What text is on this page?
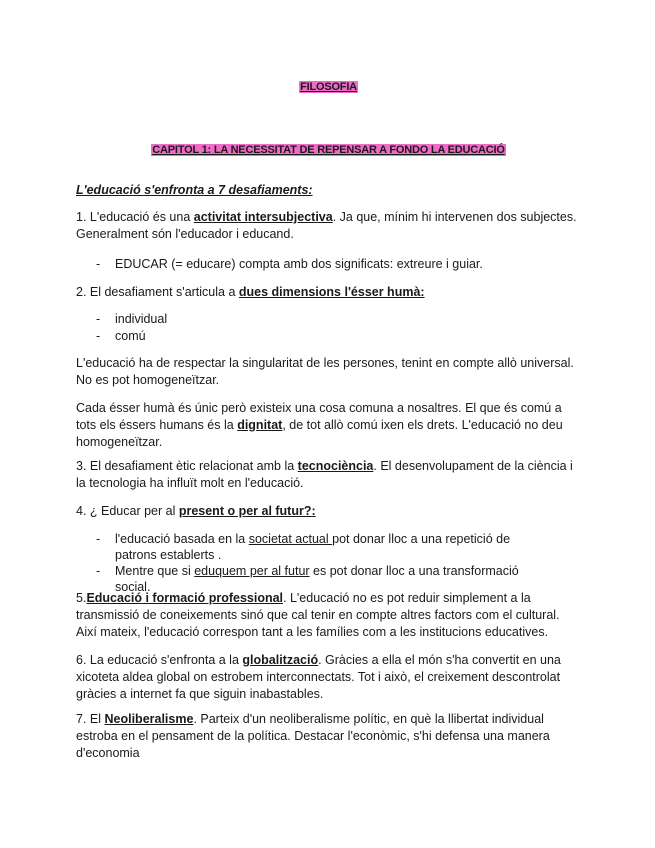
FILOSOFIA
CAPITOL 1: LA NECESSITAT DE REPENSAR A FONDO LA EDUCACIÓ
L'educació s'enfronta a 7 desafiaments:
1. L'educació és una activitat intersubjectiva. Ja que, mínim hi intervenen dos subjectes. Generalment són l'educador i educand.
- EDUCAR (= educare) compta amb dos significats: extreure i guiar.
2. El desafiament s'articula a dues dimensions l'ésser humà:
- individual
- comú
L'educació ha de respectar la singularitat de les persones, tenint en compte allò universal. No es pot homogeneïtzar.
Cada ésser humà és únic però existeix una cosa comuna a nosaltres. El que és comú a tots els éssers humans és la dignitat, de tot allò comú ixen els drets. L'educació no deu homogeneïtzar.
3. El desafiament ètic relacionat amb la tecnociència. El desenvolupament de la ciència i la tecnologia ha influït molt en l'educació.
4. ¿ Educar per al present o per al futur?:
- l'educació basada en la societat actual pot donar lloc a una repetició de patrons establerts .
- Mentre que si eduquem per al futur es pot donar lloc a una transformació social.
5.Educació i formació professional. L'educació no es pot reduir simplement a la transmissió de coneixements sinó que cal tenir en compte altres factors com el cultural. Així mateix, l'educació correspon tant a les famílies com a les institucions educatives.
6. La educació s'enfronta a la globalització. Gràcies a ella el món s'ha convertit en una xicoteta aldea global on estrobem interconnectats. Tot i això, el creixement descontrolat gràcies a internet fa que siguin inabastables.
7. El Neoliberalisme. Parteix d'un neoliberalisme polític, en què la llibertat individual estroba en el pensament de la política. Destacar l'econòmic, s'hi defensa una manera d'economia
